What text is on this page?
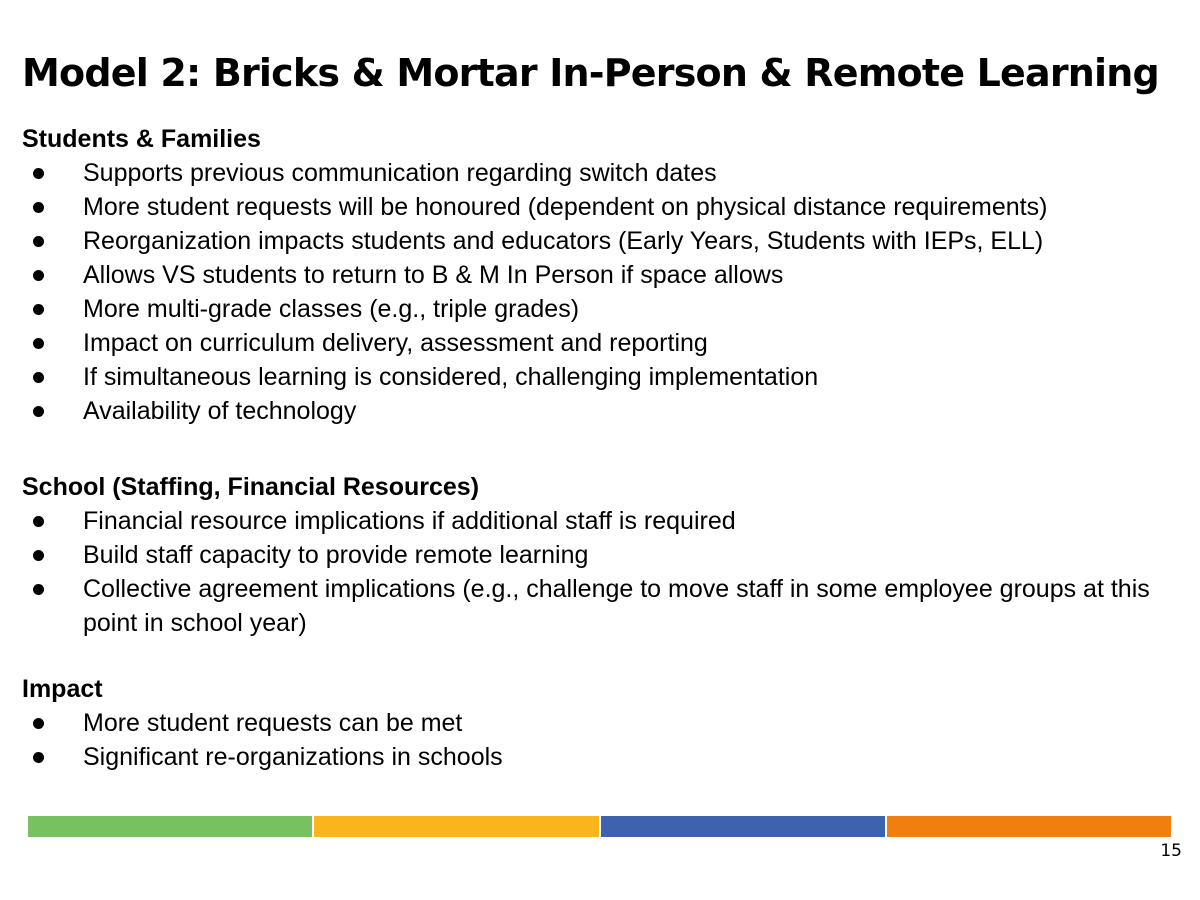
Model 2: Bricks & Mortar In-Person & Remote Learning
Students & Families
Supports previous communication regarding switch dates
More student requests will be honoured (dependent on physical distance requirements)
Reorganization impacts students and educators (Early Years, Students with IEPs, ELL)
Allows VS students to return to B & M In Person if space allows
More multi-grade classes (e.g., triple grades)
Impact on curriculum delivery, assessment and reporting
If simultaneous learning is considered, challenging implementation
Availability of technology
School (Staffing, Financial Resources)
Financial resource implications if additional staff is required
Build staff capacity to provide remote learning
Collective agreement implications (e.g., challenge to move staff in some employee groups at this point in school year)
Impact
More student requests can be met
Significant re-organizations in schools
15
